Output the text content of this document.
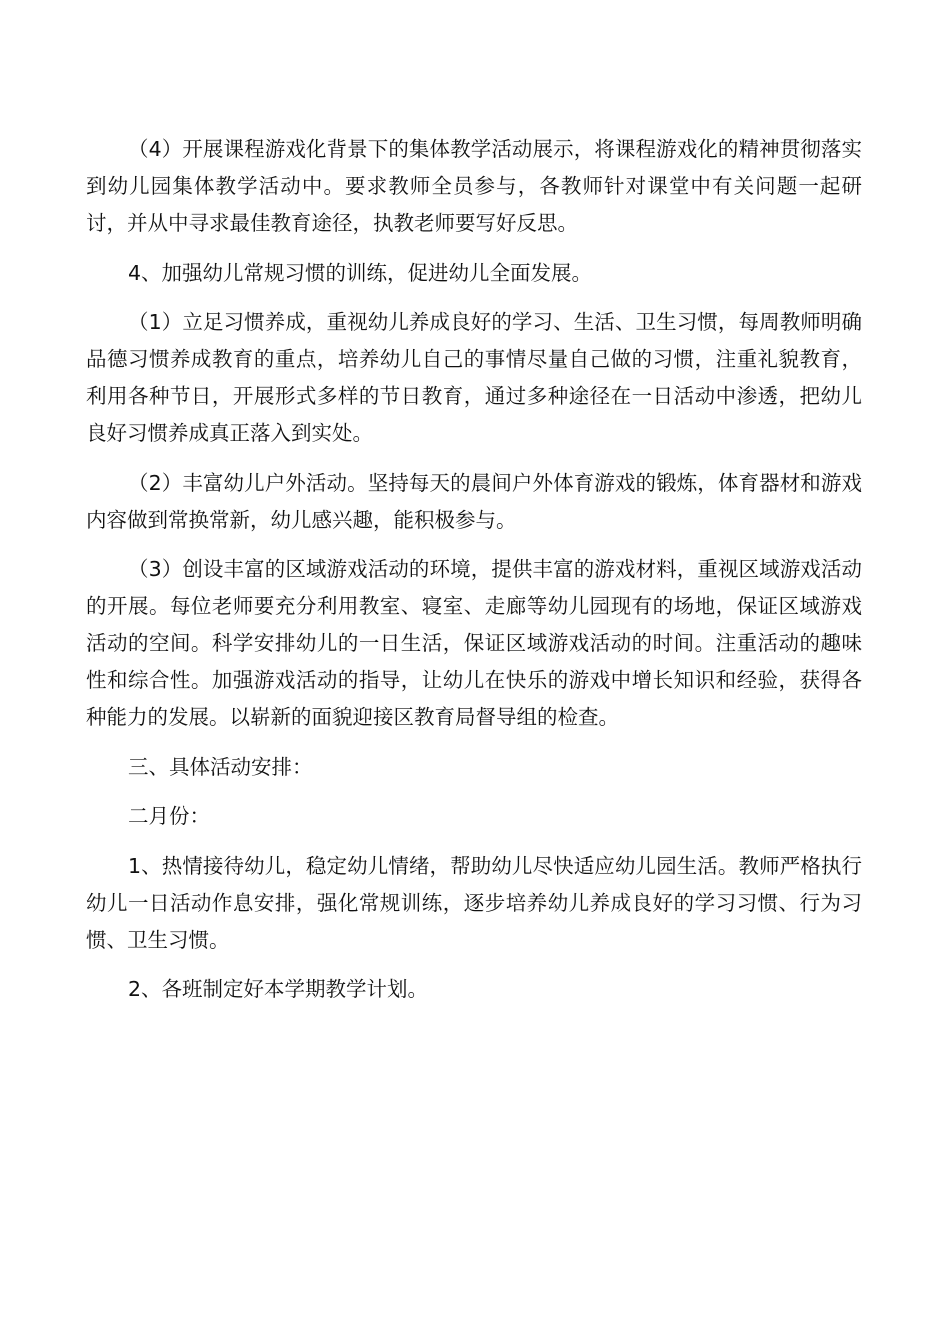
（4）开展课程游戏化背景下的集体教学活动展示，将课程游戏化的精神贯彻落实到幼儿园集体教学活动中。要求教师全员参与，各教师针对课堂中有关问题一起研讨，并从中寻求最佳教育途径，执教老师要写好反思。

4、加强幼儿常规习惯的训练，促进幼儿全面发展。

（1）立足习惯养成，重视幼儿养成良好的学习、生活、卫生习惯，每周教师明确品德习惯养成教育的重点，培养幼儿自己的事情尽量自己做的习惯，注重礼貌教育，利用各种节日，开展形式多样的节日教育，通过多种途径在一日活动中渗透，把幼儿良好习惯养成真正落入到实处。

（2）丰富幼儿户外活动。坚持每天的晨间户外体育游戏的锻炼，体育器材和游戏内容做到常换常新，幼儿感兴趣，能积极参与。

（3）创设丰富的区域游戏活动的环境，提供丰富的游戏材料，重视区域游戏活动的开展。每位老师要充分利用教室、寝室、走廊等幼儿园现有的场地，保证区域游戏活动的空间。科学安排幼儿的一日生活，保证区域游戏活动的时间。注重活动的趣味性和综合性。加强游戏活动的指导，让幼儿在快乐的游戏中增长知识和经验，获得各种能力的发展。以崭新的面貌迎接区教育局督导组的检查。

三、具体活动安排：

二月份：

1、热情接待幼儿，稳定幼儿情绪，帮助幼儿尽快适应幼儿园生活。教师严格执行幼儿一日活动作息安排，强化常规训练，逐步培养幼儿养成良好的学习习惯、行为习惯、卫生习惯。

2、各班制定好本学期教学计划。
